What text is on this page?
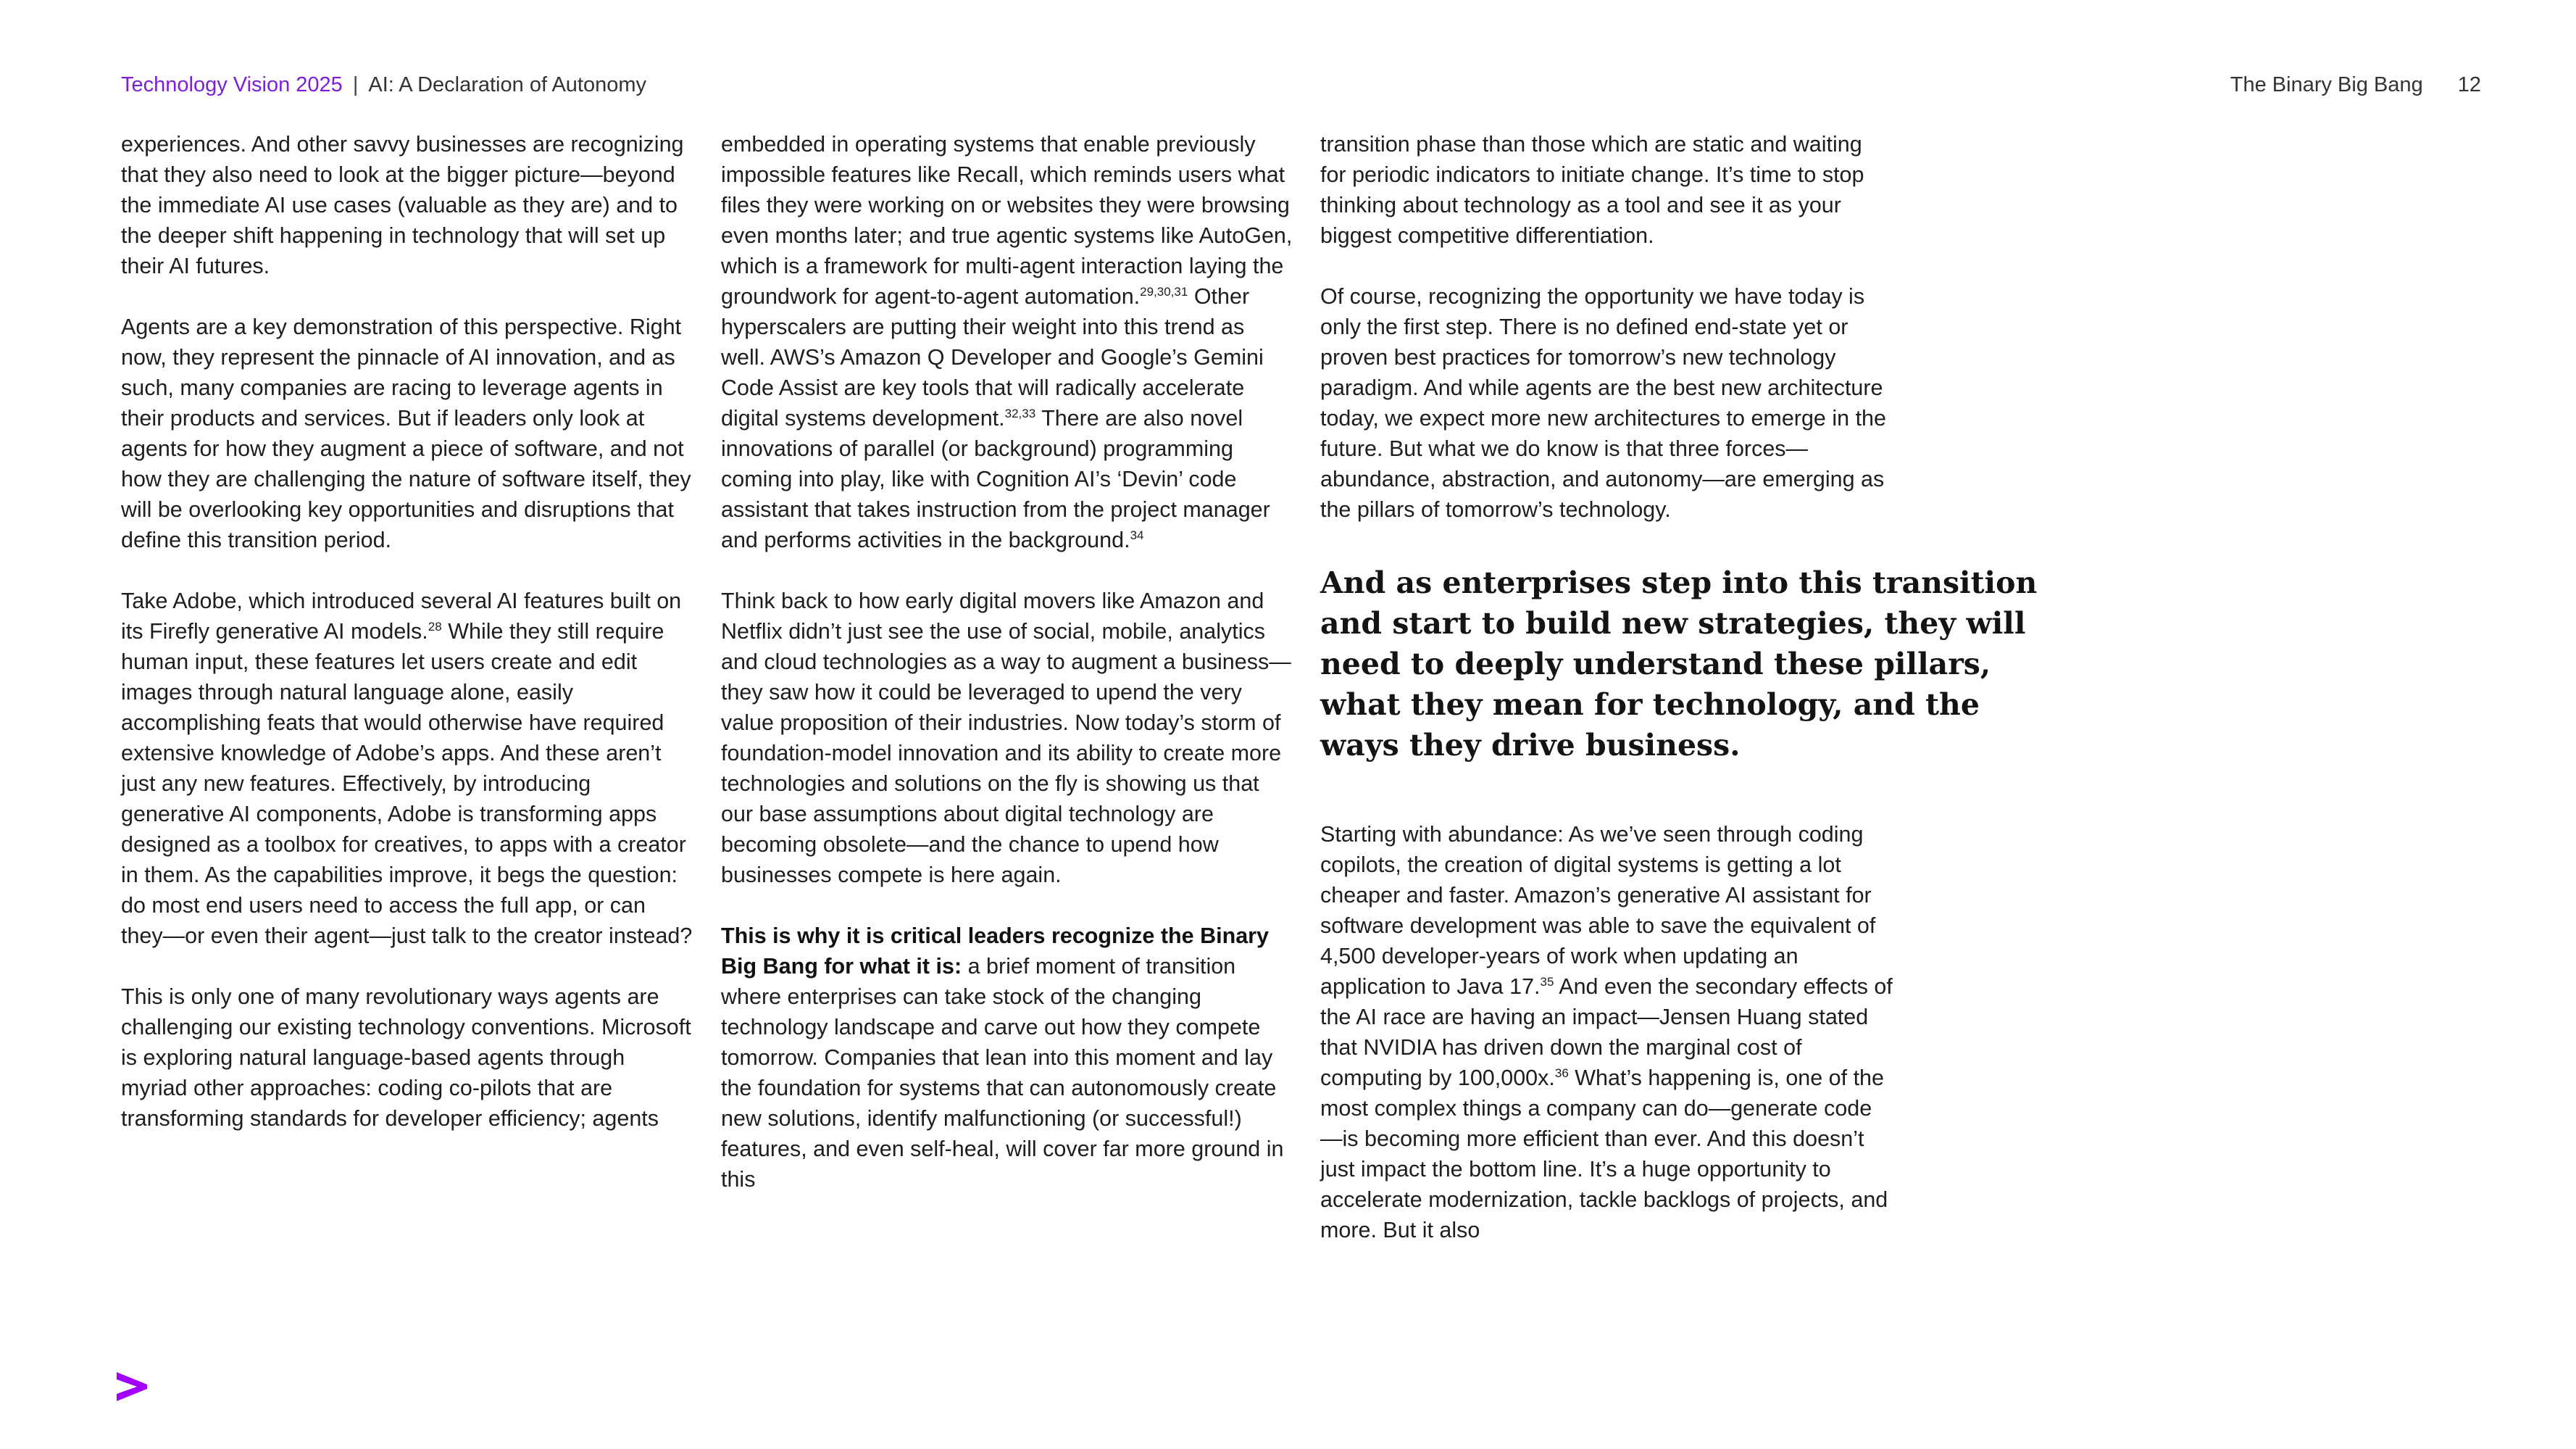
Technology Vision 2025 | AI: A Declaration of Autonomy	The Binary Big Bang 12

experiences. And other savvy businesses are recognizing that they also need to look at the bigger picture—beyond the immediate AI use cases (valuable as they are) and to the deeper shift happening in technology that will set up their AI futures.

Agents are a key demonstration of this perspective. Right now, they represent the pinnacle of AI innovation, and as such, many companies are racing to leverage agents in their products and services. But if leaders only look at agents for how they augment a piece of software, and not how they are challenging the nature of software itself, they will be overlooking key opportunities and disruptions that define this transition period.

Take Adobe, which introduced several AI features built on its Firefly generative AI models.$^{28}$ While they still require human input, these features let users create and edit images through natural language alone, easily accomplishing feats that would otherwise have required extensive knowledge of Adobe’s apps. And these aren’t just any new features. Effectively, by introducing generative AI components, Adobe is transforming apps designed as a toolbox for creatives, to apps with a creator in them. As the capabilities improve, it begs the question: do most end users need to access the full app, or can they—or even their agent—just talk to the creator instead?

This is only one of many revolutionary ways agents are challenging our existing technology conventions. Microsoft is exploring natural language-based agents through myriad other approaches: coding co-pilots that are transforming standards for developer efficiency; agents

embedded in operating systems that enable previously impossible features like Recall, which reminds users what files they were working on or websites they were browsing even months later; and true agentic systems like AutoGen, which is a framework for multi-agent interaction laying the groundwork for agent-to-agent automation.$^{29,30,31}$ Other hyperscalers are putting their weight into this trend as well. AWS’s Amazon Q Developer and Google’s Gemini Code Assist are key tools that will radically accelerate digital systems development.$^{32,33}$ There are also novel innovations of parallel (or background) programming coming into play, like with Cognition AI’s ‘Devin’ code assistant that takes instruction from the project manager and performs activities in the background.$^{34}$

Think back to how early digital movers like Amazon and Netflix didn’t just see the use of social, mobile, analytics and cloud technologies as a way to augment a business—they saw how it could be leveraged to upend the very value proposition of their industries. Now today’s storm of foundation-model innovation and its ability to create more technologies and solutions on the fly is showing us that our base assumptions about digital technology are becoming obsolete—and the chance to upend how businesses compete is here again.

This is why it is critical leaders recognize the Binary Big Bang for what it is: a brief moment of transition where enterprises can take stock of the changing technology landscape and carve out how they compete tomorrow. Companies that lean into this moment and lay the foundation for systems that can autonomously create new solutions, identify malfunctioning (or successful!) features, and even self-heal, will cover far more ground in this

transition phase than those which are static and waiting for periodic indicators to initiate change. It’s time to stop thinking about technology as a tool and see it as your biggest competitive differentiation.

Of course, recognizing the opportunity we have today is only the first step. There is no defined end-state yet or proven best practices for tomorrow’s new technology paradigm. And while agents are the best new architecture today, we expect more new architectures to emerge in the future. But what we do know is that three forces—abundance, abstraction, and autonomy—are emerging as the pillars of tomorrow’s technology.

And as enterprises step into this transition and start to build new strategies, they will need to deeply understand these pillars, what they mean for technology, and the ways they drive business.

Starting with abundance: As we’ve seen through coding copilots, the creation of digital systems is getting a lot cheaper and faster. Amazon’s generative AI assistant for software development was able to save the equivalent of 4,500 developer-years of work when updating an application to Java 17.35 And even the secondary effects of the AI race are having an impact—Jensen Huang stated that NVIDIA has driven down the marginal cost of computing by 100,000x.$^{36}$ What’s happening is, one of the most complex things a company can do—generate code—is becoming more efficient than ever. And this doesn’t just impact the bottom line. It’s a huge opportunity to accelerate modernization, tackle backlogs of projects, and more. But it also
